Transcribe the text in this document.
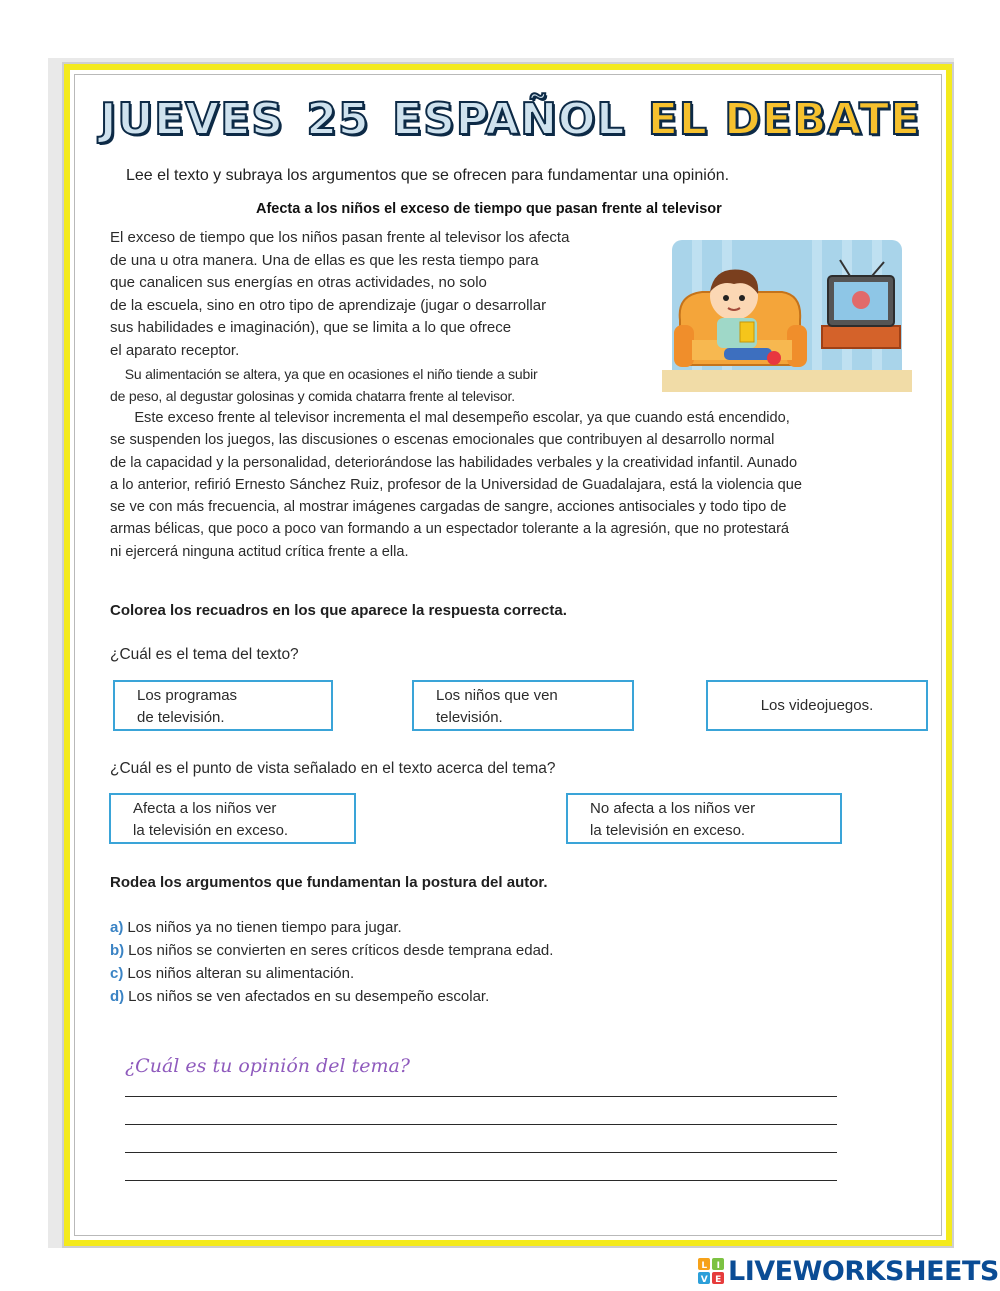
JUEVES 25 ESPAÑOL EL DEBATE
Lee el texto y subraya los argumentos que se ofrecen para fundamentar una opinión.
Afecta a los niños el exceso de tiempo que pasan frente al televisor
El exceso de tiempo que los niños pasan frente al televisor los afecta
de una u otra manera. Una de ellas es que les resta tiempo para
que canalicen sus energías en otras actividades, no solo
de la escuela, sino en otro tipo de aprendizaje (jugar o desarrollar
sus habilidades e imaginación), que se limita a lo que ofrece
el aparato receptor.
Su alimentación se altera, ya que en ocasiones el niño tiende a subir
de peso, al degustar golosinas y comida chatarra frente al televisor.
Este exceso frente al televisor incrementa el mal desempeño escolar, ya que cuando está encendido,
se suspenden los juegos, las discusiones o escenas emocionales que contribuyen al desarrollo normal
de la capacidad y la personalidad, deteriorándose las habilidades verbales y la creatividad infantil. Aunado
a lo anterior, refirió Ernesto Sánchez Ruiz, profesor de la Universidad de Guadalajara, está la violencia que
se ve con más frecuencia, al mostrar imágenes cargadas de sangre, acciones antisociales y todo tipo de
armas bélicas, que poco a poco van formando a un espectador tolerante a la agresión, que no protestará
ni ejercerá ninguna actitud crítica frente a ella.
Colorea los recuadros en los que aparece la respuesta correcta.
¿Cuál es el tema del texto?
Los programas
de televisión.
Los niños que ven
televisión.
Los videojuegos.
¿Cuál es el punto de vista señalado en el texto acerca del tema?
Afecta a los niños ver
la televisión en exceso.
No afecta a los niños ver
la televisión en exceso.
Rodea los argumentos que fundamentan la postura del autor.
a) Los niños ya no tienen tiempo para jugar.
b) Los niños se convierten en seres críticos desde temprana edad.
c) Los niños alteran su alimentación.
d) Los niños se ven afectados en su desempeño escolar.
¿Cuál es tu opinión del tema?
L I
V E LIVEWORKSHEETS
